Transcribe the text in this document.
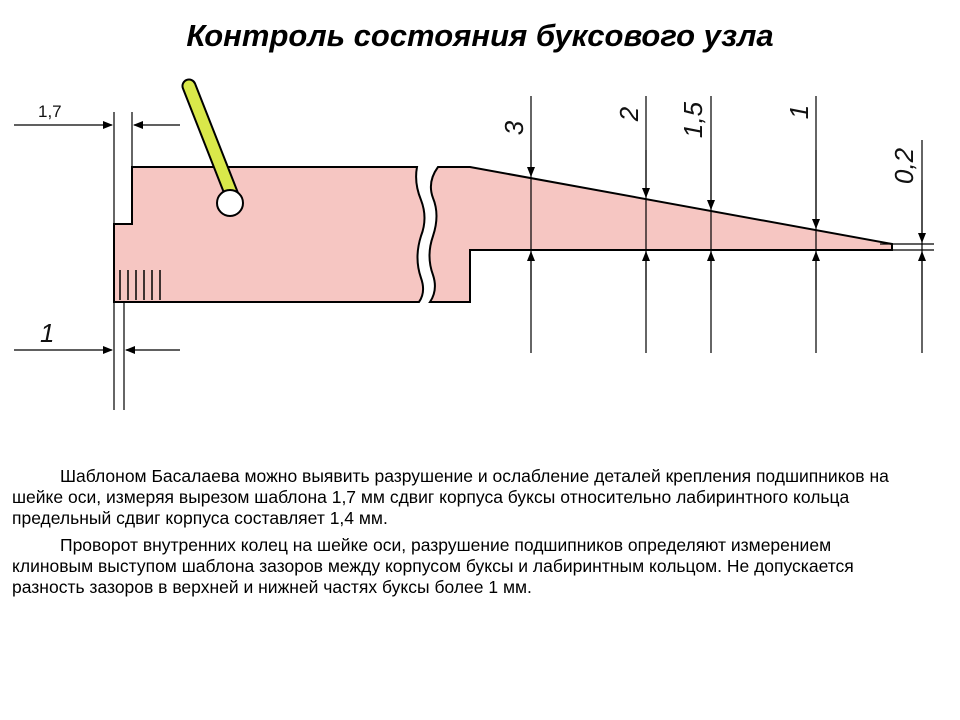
Контроль состояния буксового узла
1,7
1
3
2 1,5	1
0,2

Шаблоном Басалаева можно выявить разрушение и ослабление деталей крепления подшипников на шейке оси, измеряя вырезом шаблона 1,7 мм сдвиг корпуса буксы относительно лабиринтного кольца предельный сдвиг корпуса составляет 1,4 мм.

Проворот внутренних колец на шейке оси, разрушение подшипников определяют измерением клиновым выступом шаблона зазоров между корпусом буксы и лабиринтным кольцом. Не допускается разность зазоров в верхней и нижней частях буксы более 1 мм.
